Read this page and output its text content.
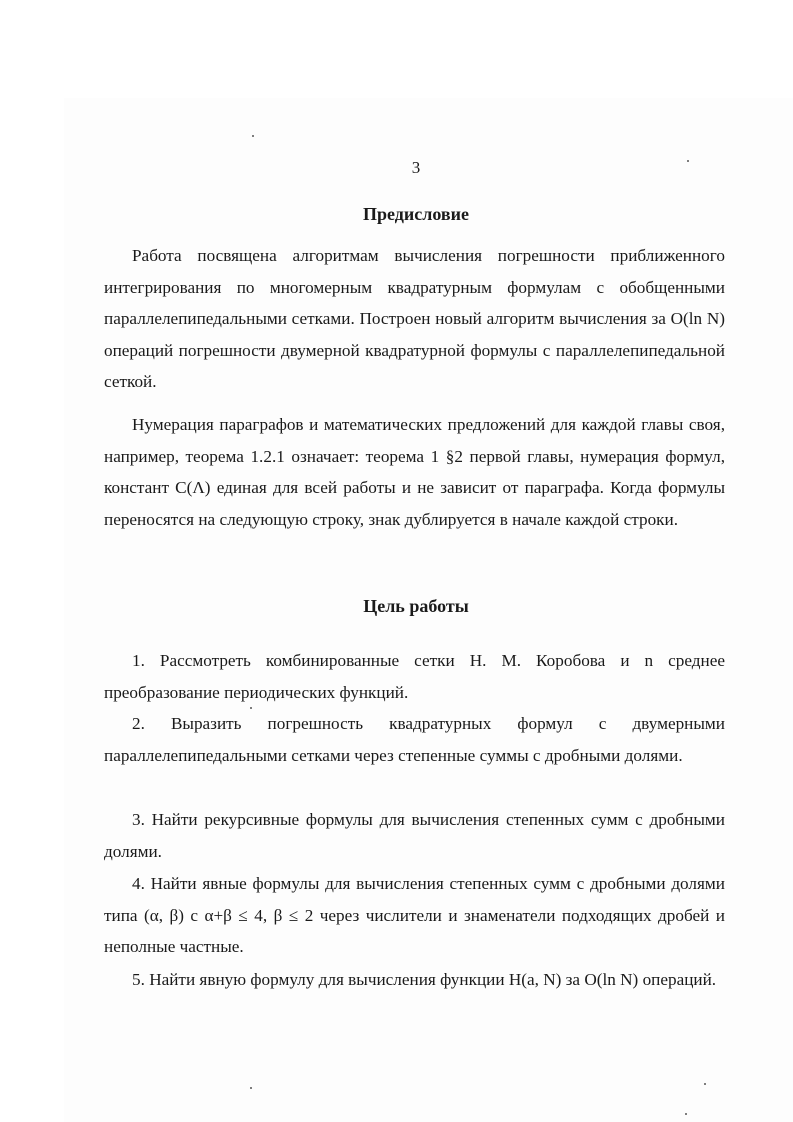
3
Предисловие

Работа посвящена алгоритмам вычисления погрешности приближенного интегрирования по многомерным квадратурным формулам с обобщенными параллелепипедальными сетками. Построен новый алгоритм вычисления за O(ln N) операций погрешности двумерной квадратурной формулы с параллелепипедальной сеткой.

Нумерация параграфов и математических предложений для каждой главы своя, например, теорема 1.2.1 означает: теорема 1 §2 первой главы, нумерация формул, констант C(Λ) единая для всей работы и не зависит от параграфа. Когда формулы переносятся на следующую строку, знак дублируется в начале каждой строки.

Цель работы

1. Рассмотреть комбинированные сетки Н. М. Коробова и n среднее преобразование периодических функций.

2. Выразить погрешность квадратурных формул с двумерными параллелепипедальными сетками через степенные суммы с дробными долями.

3. Найти рекурсивные формулы для вычисления степенных сумм с дробными долями.

4. Найти явные формулы для вычисления степенных сумм с дробными долями типа (α, β) с α+β ≤ 4, β ≤ 2 через числители и знаменатели подходящих дробей и неполные частные.

5. Найти явную формулу для вычисления функции H(a, N) за O(ln N) операций.
